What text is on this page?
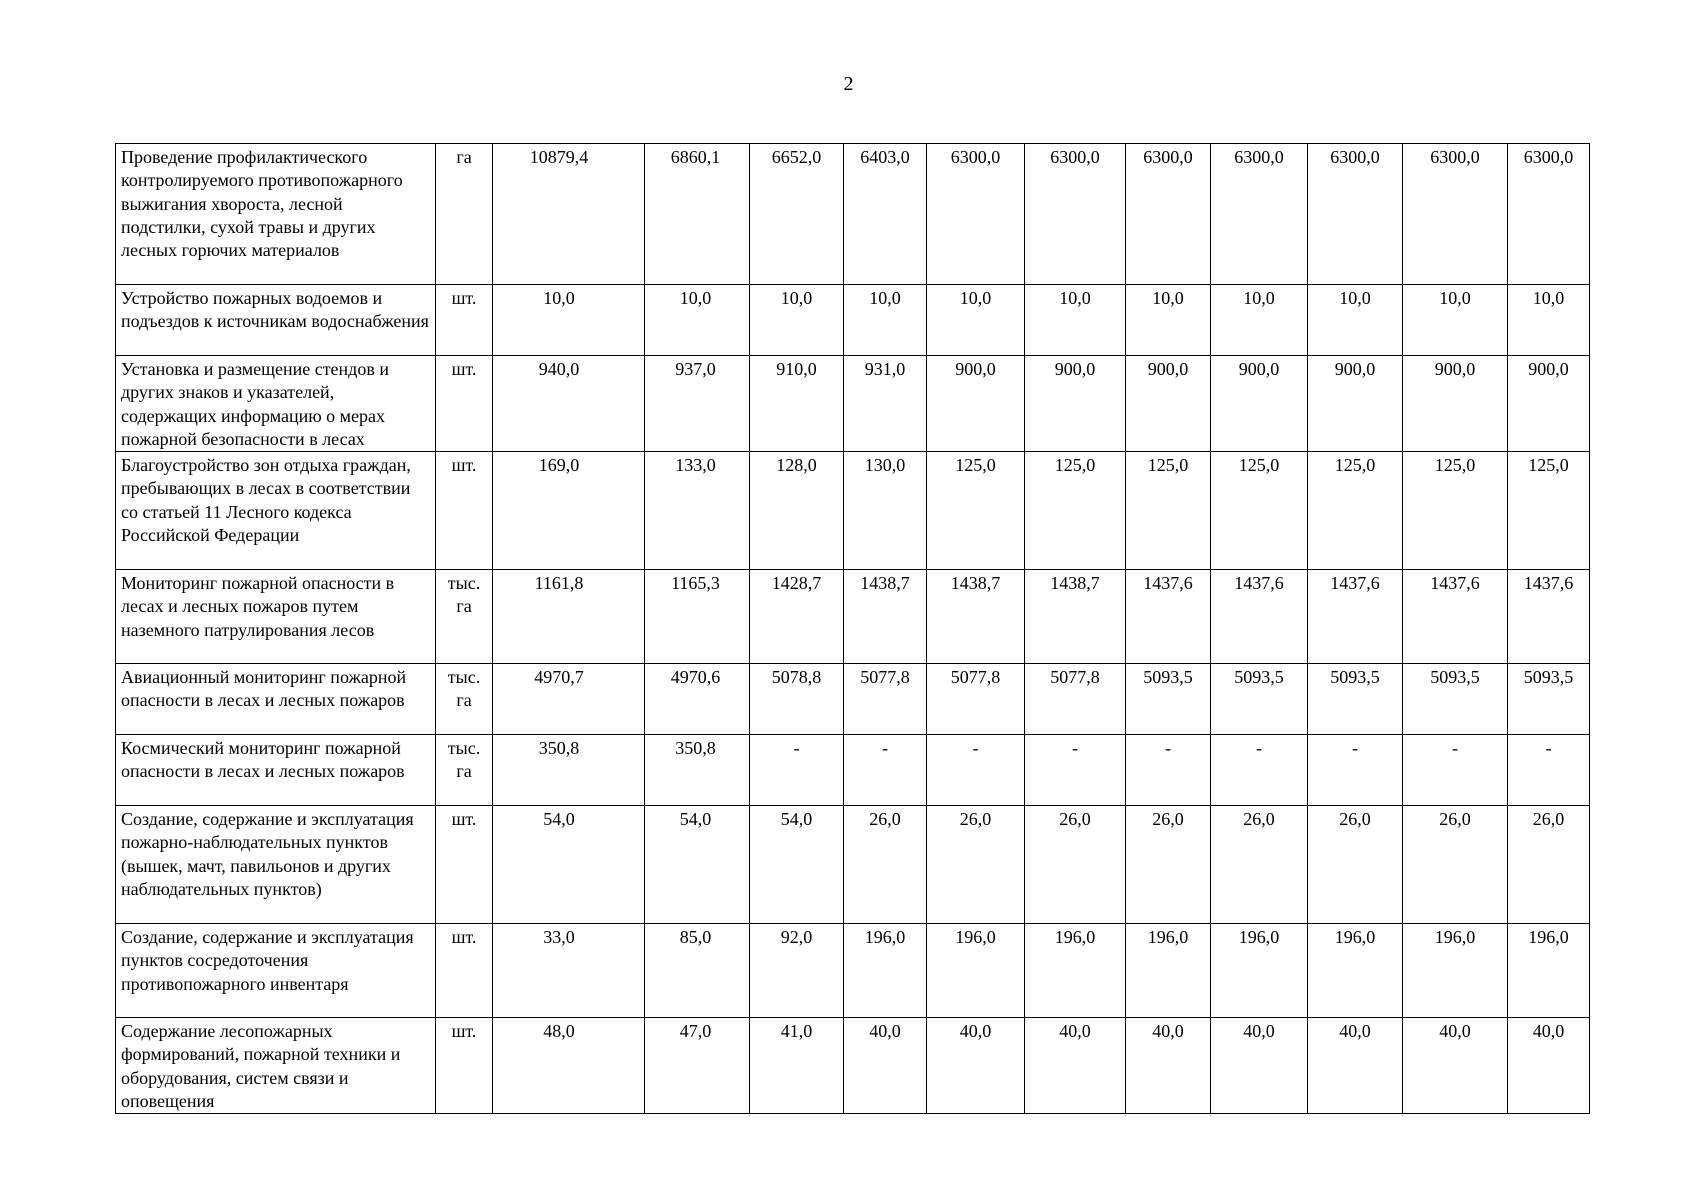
2
Проведение профилактического контролируемого противопожарного выжигания хвороста, лесной подстилки, сухой травы и других лесных горючих материалов	га	10879,4	6860,1	6652,0	6403,0	6300,0	6300,0	6300,0	6300,0	6300,0	6300,0	6300,0
Устройство пожарных водоемов и подъездов к источникам водоснабжения	шт.	10,0	10,0	10,0	10,0	10,0	10,0	10,0	10,0	10,0	10,0	10,0
Установка и размещение стендов и других знаков и указателей, содержащих информацию о мерах пожарной безопасности в лесах	шт.	940,0	937,0	910,0	931,0	900,0	900,0	900,0	900,0	900,0	900,0	900,0
Благоустройство зон отдыха граждан, пребывающих в лесах в соответствии со статьей 11 Лесного кодекса Российской Федерации	шт.	169,0	133,0	128,0	130,0	125,0	125,0	125,0	125,0	125,0	125,0	125,0
Мониторинг пожарной опасности в лесах и лесных пожаров путем наземного патрулирования лесов	тыс. га	1161,8	1165,3	1428,7	1438,7	1438,7	1438,7	1437,6	1437,6	1437,6	1437,6	1437,6
Авиационный мониторинг пожарной опасности в лесах и лесных пожаров	тыс. га	4970,7	4970,6	5078,8	5077,8	5077,8	5077,8	5093,5	5093,5	5093,5	5093,5	5093,5
Космический мониторинг пожарной опасности в лесах и лесных пожаров	тыс. га	350,8	350,8	-	-	-	-	-	-	-	-	-
Создание, содержание и эксплуатация пожарно-наблюдательных пунктов (вышек, мачт, павильонов и других наблюдательных пунктов)	шт.	54,0	54,0	54,0	26,0	26,0	26,0	26,0	26,0	26,0	26,0	26,0
Создание, содержание и эксплуатация пунктов сосредоточения противопожарного инвентаря	шт.	33,0	85,0	92,0	196,0	196,0	196,0	196,0	196,0	196,0	196,0	196,0
Содержание лесопожарных формирований, пожарной техники и оборудования, систем связи и оповещения	шт.	48,0	47,0	41,0	40,0	40,0	40,0	40,0	40,0	40,0	40,0	40,0
